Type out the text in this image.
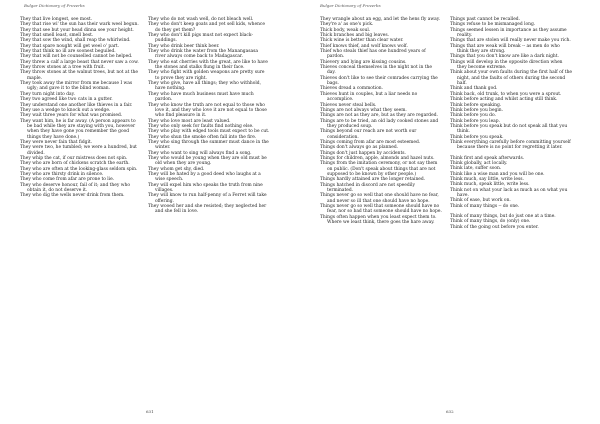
Bulgar Dictionary of Proverbs
They that live longest, see most.
They that rise wi' the sun has their wark weel begun.
They that see but your head dinna see your height.
They that smell least, smell best.
They that sow the wind, shall reap the whirlwind.
They that spare nought will get weel o' part.
They that think no ill are soonest beguiled.
They that will not be counselled cannot be helped.
They threw a calf a large beast that never saw a cow.
They throw stones at a tree with fruit.
They throw stones at the walnut trees, but not at the maple.
They took away the mirror from me because I was ugly; and gave it to the blind woman.
They turn night into day.
They two agreed like two cats in a gutter.
They understand one another like thieves in a fair.
They use a wedge to knock out a wedge.
They wait three years for what was promised.
They want him, he is far away. (A person appears to be bad while they are staying with you, however when they have gone you remember the good things they have done.)
They were never fain that fidgit.
They were two, he tumbled; we were a hundred, but divided.
They whip the cat, if our mistress does not spin.
They who are born of chickens scratch the earth.
They who are often at the looking-glass seldom spin.
They who are thirsty drink in silence.
They who come from afar are prone to lie.
They who deserve honour, fail of it; and they who obtain it, do not deserve it.
They who dig the wells never drink from them.
They who do not wash well, do not bleach well.
They who don't keep goats and yet sell kids, whence do they get them?
They who don't kill pigs must not expect black-puddings.
They who drink beer think beer.
They who drink the water from the Manangasasa river always come back to Madagascar.
They who eat cherries with the great, are like to have the stones and stalks flung in their face.
They who fight with golden weapons are pretty sure to prove they are right.
They who give, have all things; they who withhold, have nothing.
They who have much business must have much pardon.
They who know the truth are not equal to those who love it, and they who love it are not equal to those who find pleasure in it.
They who love most are least valued.
They who only seek for faults find nothing else.
They who play with edged tools must expect to be cut.
They who shun the smoke often fall into the fire.
They who sing through the summer must dance in the winter.
They who want to sing will always find a song.
They who would be young when they are old must be old when they are young.
They whom get shy, died.
They will be hated by a good deed who laughs at a wise speech.
They will expel him who speaks the truth from nine villages.
They will know to run half-penny of a Ferret will take offering.
They wooed her and she resisted; they neglected her and she fell in love.
631
Bulgar Dictionary of Proverbs
They wrangle about an egg, and let the hens fly away.
They're a' as one's pick.
Thick body, weak soul.
Thick branches and big leaves.
Thick wine is better than clear water.
Thief knows thief, and wolf knows wolf.
Thief who steals thief has one hundred years of pardon.
Thievery and lying are kissing cousins.
Thieves conceal themselves in the night not in the day.
Thieves don't like to see their comrades carrying the bags.
Thieves dread a commotion.
Thieves hunt in couples, but a liar needs no accomplice.
Thieves never steal bells.
Things are not always what they seem.
Things are not as they are, but as they are regarded.
Things are to be tried, an old lady cooked stones and they produced soup.
Things beyond our reach are not worth our consideration.
Things coming from afar are most esteemed.
Things don't always go as planned.
Things don't just happen by accidents.
Things for children, apple, almonds and hazel nuts.
Things from the imitation ceremony, or not say them on public. (Don't speak about things that are not supposed to be known by other people.)
Things hardly attained are the longer retained.
Things hatched in discord are not speedily terminated.
Things never go so well that one should have no fear, and never so ill that one should have no hope.
Things never go so well that someone should have no fear, nor so bad that someone should have no hope.
Things often happen when you least expect them to. Where we least think, there goes the hare away.
Things past cannot be recalled.
Things refuse to be mismanaged long.
Things seemed lessen in importance as they assume reality.
Things that are stolen will really never make you rich.
Things that are weak will break -- as men do who think they are strong.
Things that you don't know are like a dark night.
Things will develop in the opposite direction when they become extreme.
Think about your own faults during the first half of the night, and the faults of others during the second half.
Think and thank god.
Think back, old trunk, to when you were a sprout.
Think before acting and whilst acting still think.
Think before speaking.
Think before you begin.
Think before you do.
Think before you leap.
Think before you speak but do not speak all that you think.
Think before you speak.
Think everything carefully before committing yourself because there is no point for regretting it later.
Think first and speak afterwards.
Think globally, act locally.
Think late, suffer soon.
Think like a wise man and you will be one.
Think much, say little, write less.
Think much, speak little, write less.
Think not on what your lack as much as on what you have.
Think of ease, but work on.
Think of many things -- do one.
Think of many things, but do just one at a time.
Think of many things, do (only) one.
Think of the going out before you enter.
632
